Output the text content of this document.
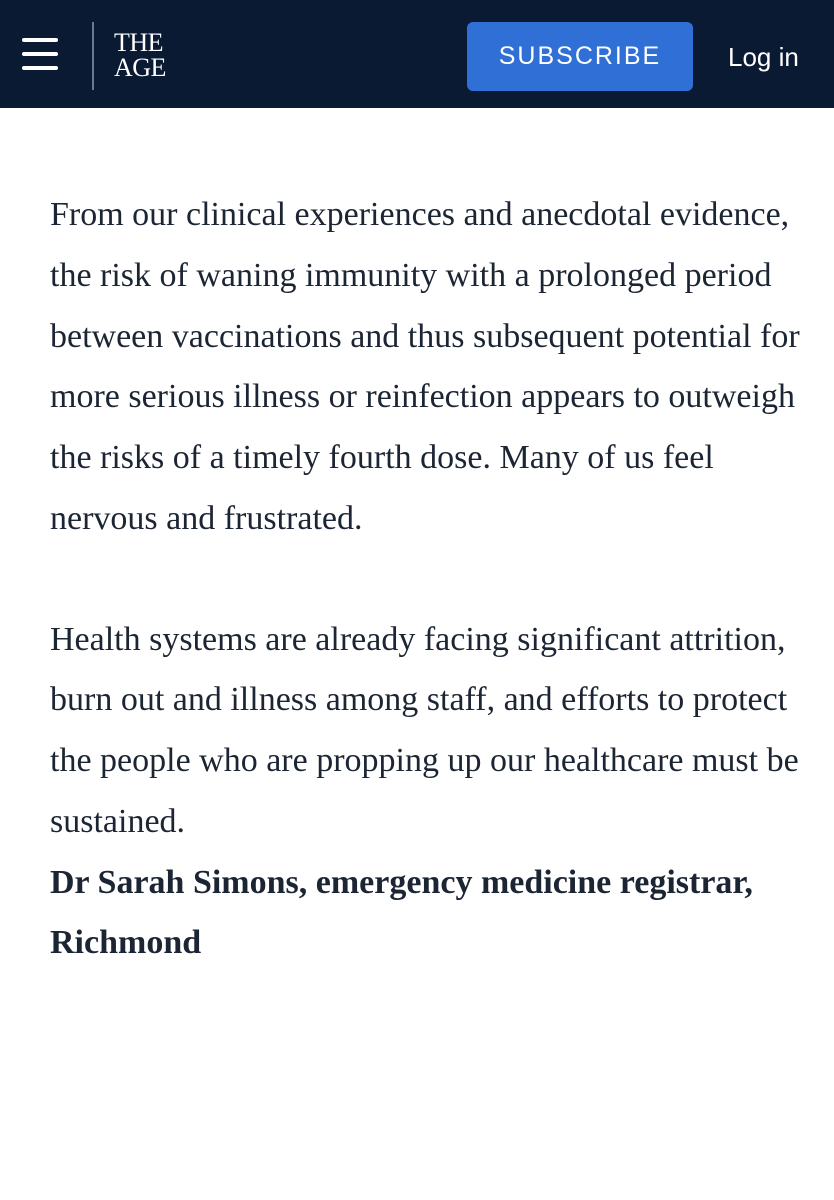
THE
AGE	SUBSCRIBE	Log in

From our clinical experiences and anecdotal evidence, the risk of waning immunity with a prolonged period between vaccinations and thus subsequent potential for more serious illness or reinfection appears to outweigh the risks of a timely fourth dose. Many of us feel nervous and frustrated.

Health systems are already facing significant attrition, burn out and illness among staff, and efforts to protect the people who are propping up our healthcare must be sustained.

Dr Sarah Simons, emergency medicine registrar, Richmond
